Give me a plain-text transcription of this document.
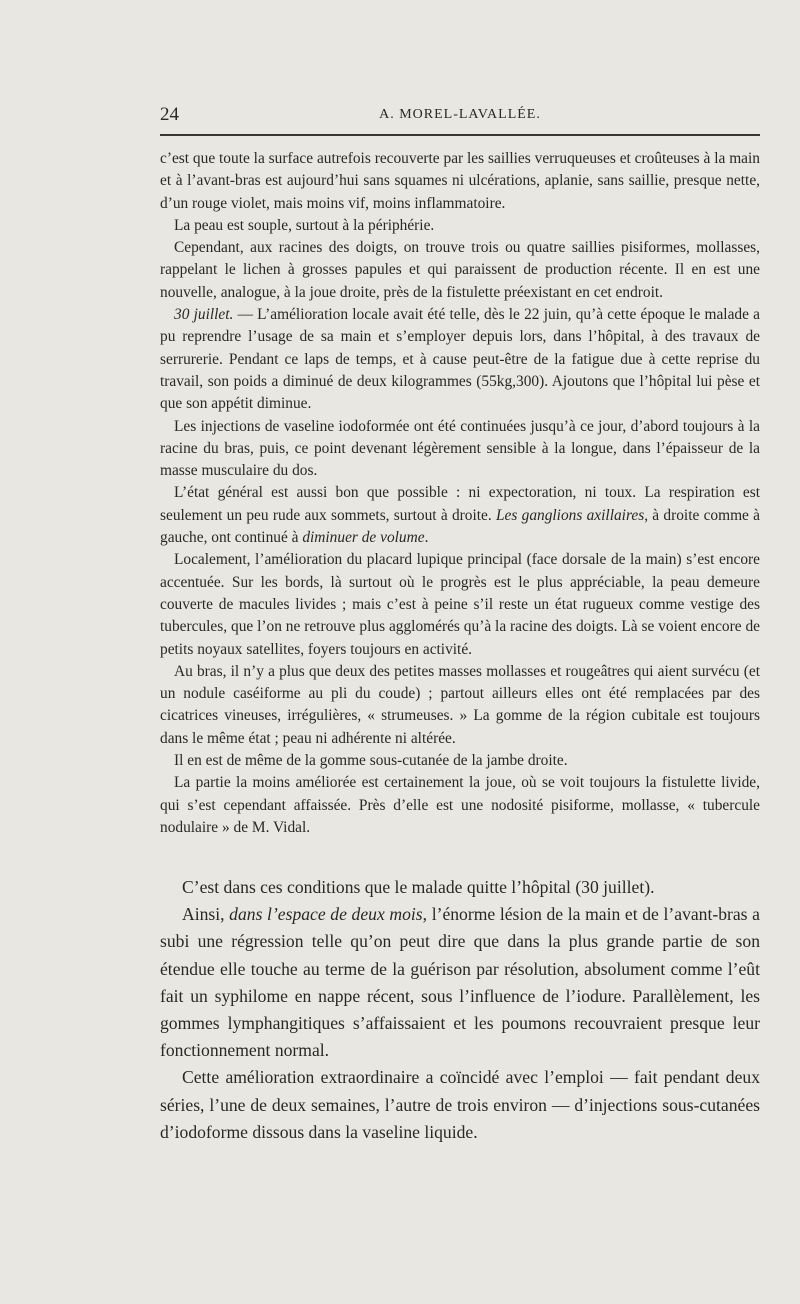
24	A. MOREL-LAVALLÉE.

c’est que toute la surface autrefois recouverte par les saillies verruqueuses et croûteuses à la main et à l’avant-bras est aujourd’hui sans squames ni ulcérations, aplanie, sans saillie, presque nette, d’un rouge violet, mais moins vif, moins inflammatoire.

La peau est souple, surtout à la périphérie.

Cependant, aux racines des doigts, on trouve trois ou quatre saillies pisiformes, mollasses, rappelant le lichen à grosses papules et qui paraissent de production récente. Il en est une nouvelle, analogue, à la joue droite, près de la fistulette préexistant en cet endroit.

30 juillet. — L’amélioration locale avait été telle, dès le 22 juin, qu’à cette époque le malade a pu reprendre l’usage de sa main et s’employer depuis lors, dans l’hôpital, à des travaux de serrurerie. Pendant ce laps de temps, et à cause peut-être de la fatigue due à cette reprise du travail, son poids a diminué de deux kilogrammes (55kg,300). Ajoutons que l’hôpital lui pèse et que son appétit diminue.

Les injections de vaseline iodoformée ont été continuées jusqu’à ce jour, d’abord toujours à la racine du bras, puis, ce point devenant légèrement sensible à la longue, dans l’épaisseur de la masse musculaire du dos.

L’état général est aussi bon que possible : ni expectoration, ni toux. La respiration est seulement un peu rude aux sommets, surtout à droite. Les ganglions axillaires, à droite comme à gauche, ont continué à diminuer de volume.

Localement, l’amélioration du placard lupique principal (face dorsale de la main) s’est encore accentuée. Sur les bords, là surtout où le progrès est le plus appréciable, la peau demeure couverte de macules livides ; mais c’est à peine s’il reste un état rugueux comme vestige des tubercules, que l’on ne retrouve plus agglomérés qu’à la racine des doigts. Là se voient encore de petits noyaux satellites, foyers toujours en activité.

Au bras, il n’y a plus que deux des petites masses mollasses et rougeâtres qui aient survécu (et un nodule caséiforme au pli du coude) ; partout ailleurs elles ont été remplacées par des cicatrices vineuses, irrégulières, « strumeuses. » La gomme de la région cubitale est toujours dans le même état ; peau ni adhérente ni altérée.

Il en est de même de la gomme sous-cutanée de la jambe droite.

La partie la moins améliorée est certainement la joue, où se voit toujours la fistulette livide, qui s’est cependant affaissée. Près d’elle est une nodosité pisiforme, mollasse, « tubercule nodulaire » de M. Vidal.

C’est dans ces conditions que le malade quitte l’hôpital (30 juillet).

Ainsi, dans l’espace de deux mois, l’énorme lésion de la main et de l’avant-bras a subi une régression telle qu’on peut dire que dans la plus grande partie de son étendue elle touche au terme de la guérison par résolution, absolument comme l’eût fait un syphilome en nappe récent, sous l’influence de l’iodure. Parallèlement, les gommes lymphangitiques s’affaissaient et les poumons recouvraient presque leur fonctionnement normal.

Cette amélioration extraordinaire a coïncidé avec l’emploi — fait pendant deux séries, l’une de deux semaines, l’autre de trois environ — d’injections sous-cutanées d’iodoforme dissous dans la vaseline liquide.
